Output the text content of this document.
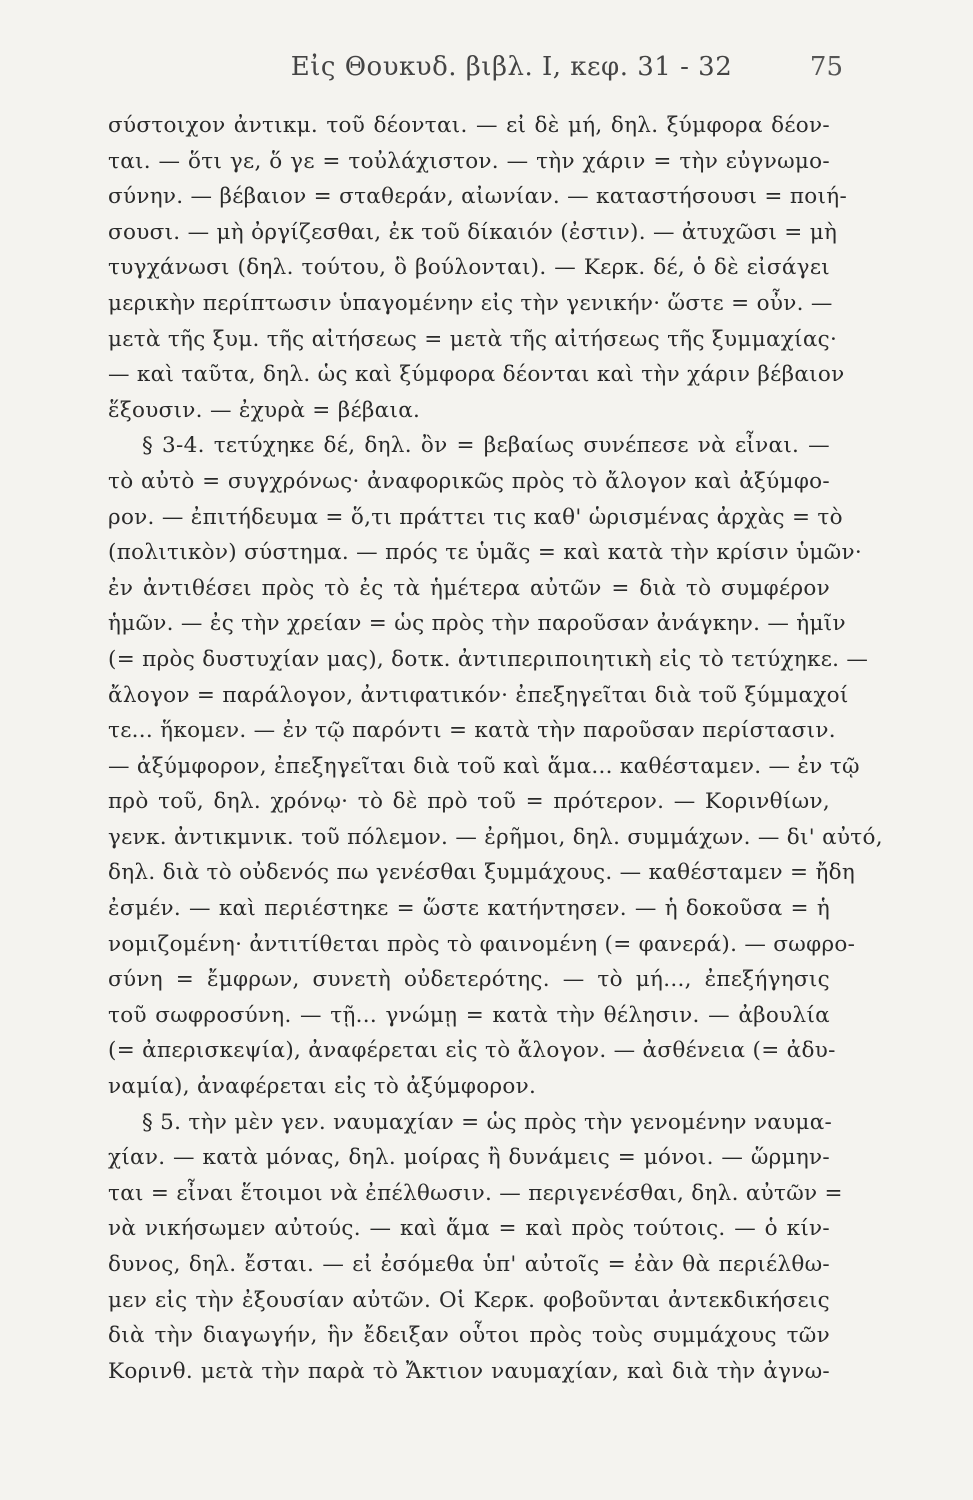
Εἰς Θουκυδ. βιβλ. I, κεφ. 31 - 32	75
σύστοιχον ἀντικμ. τοῦ δέονται. — εἰ δὲ μή, δηλ. ξύμφορα δέον-
ται. — ὅτι γε, ὅ γε = τοὐλάχιστον. — τὴν χάριν = τὴν εὐγνωμο-
σύνην. — βέβαιον = σταθεράν, αἰωνίαν. — καταστήσουσι = ποιή-
σουσι. — μὴ ὀργίζεσθαι, ἐκ τοῦ δίκαιόν (ἐστιν). — ἀτυχῶσι = μὴ
τυγχάνωσι (δηλ. τούτου, ὃ βούλονται). — Κερκ. δέ, ὁ δὲ εἰσάγει
μερικὴν περίπτωσιν ὑπαγομένην εἰς τὴν γενικήν· ὥστε = οὖν. —
μετὰ τῆς ξυμ. τῆς αἰτήσεως = μετὰ τῆς αἰτήσεως τῆς ξυμμαχίας·
— καὶ ταῦτα, δηλ. ὡς καὶ ξύμφορα δέονται καὶ τὴν χάριν βέβαιον
ἕξουσιν. — ἐχυρὰ = βέβαια.
§ 3-4. τετύχηκε δέ, δηλ. ὂν = βεβαίως συνέπεσε νὰ εἶναι. —
τὸ αὐτὸ = συγχρόνως· ἀναφορικῶς πρὸς τὸ ἄλογον καὶ ἀξύμφο-
ρον. — ἐπιτήδευμα = ὅ,τι πράττει τις καθ' ὡρισμένας ἀρχὰς = τὸ
(πολιτικὸν) σύστημα. — πρός τε ὑμᾶς = καὶ κατὰ τὴν κρίσιν ὑμῶν·
ἐν ἀντιθέσει πρὸς τὸ ἐς τὰ ἡμέτερα αὐτῶν = διὰ τὸ συμφέρον
ἡμῶν. — ἐς τὴν χρείαν = ὡς πρὸς τὴν παροῦσαν ἀνάγκην. — ἡμῖν
(= πρὸς δυστυχίαν μας), δοτκ. ἀντιπεριποιητικὴ εἰς τὸ τετύχηκε. —
ἄλογον = παράλογον, ἀντιφατικόν· ἐπεξηγεῖται διὰ τοῦ ξύμμαχοί
τε... ἥκομεν. — ἐν τῷ παρόντι = κατὰ τὴν παροῦσαν περίστασιν.
— ἀξύμφορον, ἐπεξηγεῖται διὰ τοῦ καὶ ἅμα... καθέσταμεν. — ἐν τῷ
πρὸ τοῦ, δηλ. χρόνῳ· τὸ δὲ πρὸ τοῦ = πρότερον. — Κορινθίων,
γενκ. ἀντικμνικ. τοῦ πόλεμον. — ἐρῆμοι, δηλ. συμμάχων. — δι' αὐτό,
δηλ. διὰ τὸ οὐδενός πω γενέσθαι ξυμμάχους. — καθέσταμεν = ἤδη
ἐσμέν. — καὶ περιέστηκε = ὥστε κατήντησεν. — ἡ δοκοῦσα = ἡ
νομιζομένη· ἀντιτίθεται πρὸς τὸ φαινομένη (= φανερά). — σωφρο-
σύνη = ἔμφρων, συνετὴ οὐδετερότης. — τὸ μή..., ἐπεξήγησις
τοῦ σωφροσύνη. — τῇ... γνώμῃ = κατὰ τὴν θέλησιν. — ἀβουλία
(= ἀπερισκεψία), ἀναφέρεται εἰς τὸ ἄλογον. — ἀσθένεια (= ἀδυ-
ναμία), ἀναφέρεται εἰς τὸ ἀξύμφορον.
§ 5. τὴν μὲν γεν. ναυμαχίαν = ὡς πρὸς τὴν γενομένην ναυμα-
χίαν. — κατὰ μόνας, δηλ. μοίρας ἢ δυνάμεις = μόνοι. — ὥρμην-
ται = εἶναι ἕτοιμοι νὰ ἐπέλθωσιν. — περιγενέσθαι, δηλ. αὐτῶν =
νὰ νικήσωμεν αὐτούς. — καὶ ἅμα = καὶ πρὸς τούτοις. — ὁ κίν-
δυνος, δηλ. ἔσται. — εἰ ἐσόμεθα ὑπ' αὐτοῖς = ἐὰν θὰ περιέλθω-
μεν εἰς τὴν ἐξουσίαν αὐτῶν. Οἱ Κερκ. φοβοῦνται ἀντεκδικήσεις
διὰ τὴν διαγωγήν, ἣν ἔδειξαν οὗτοι πρὸς τοὺς συμμάχους τῶν
Κορινθ. μετὰ τὴν παρὰ τὸ Ἄκτιον ναυμαχίαν, καὶ διὰ τὴν ἀγνω-
